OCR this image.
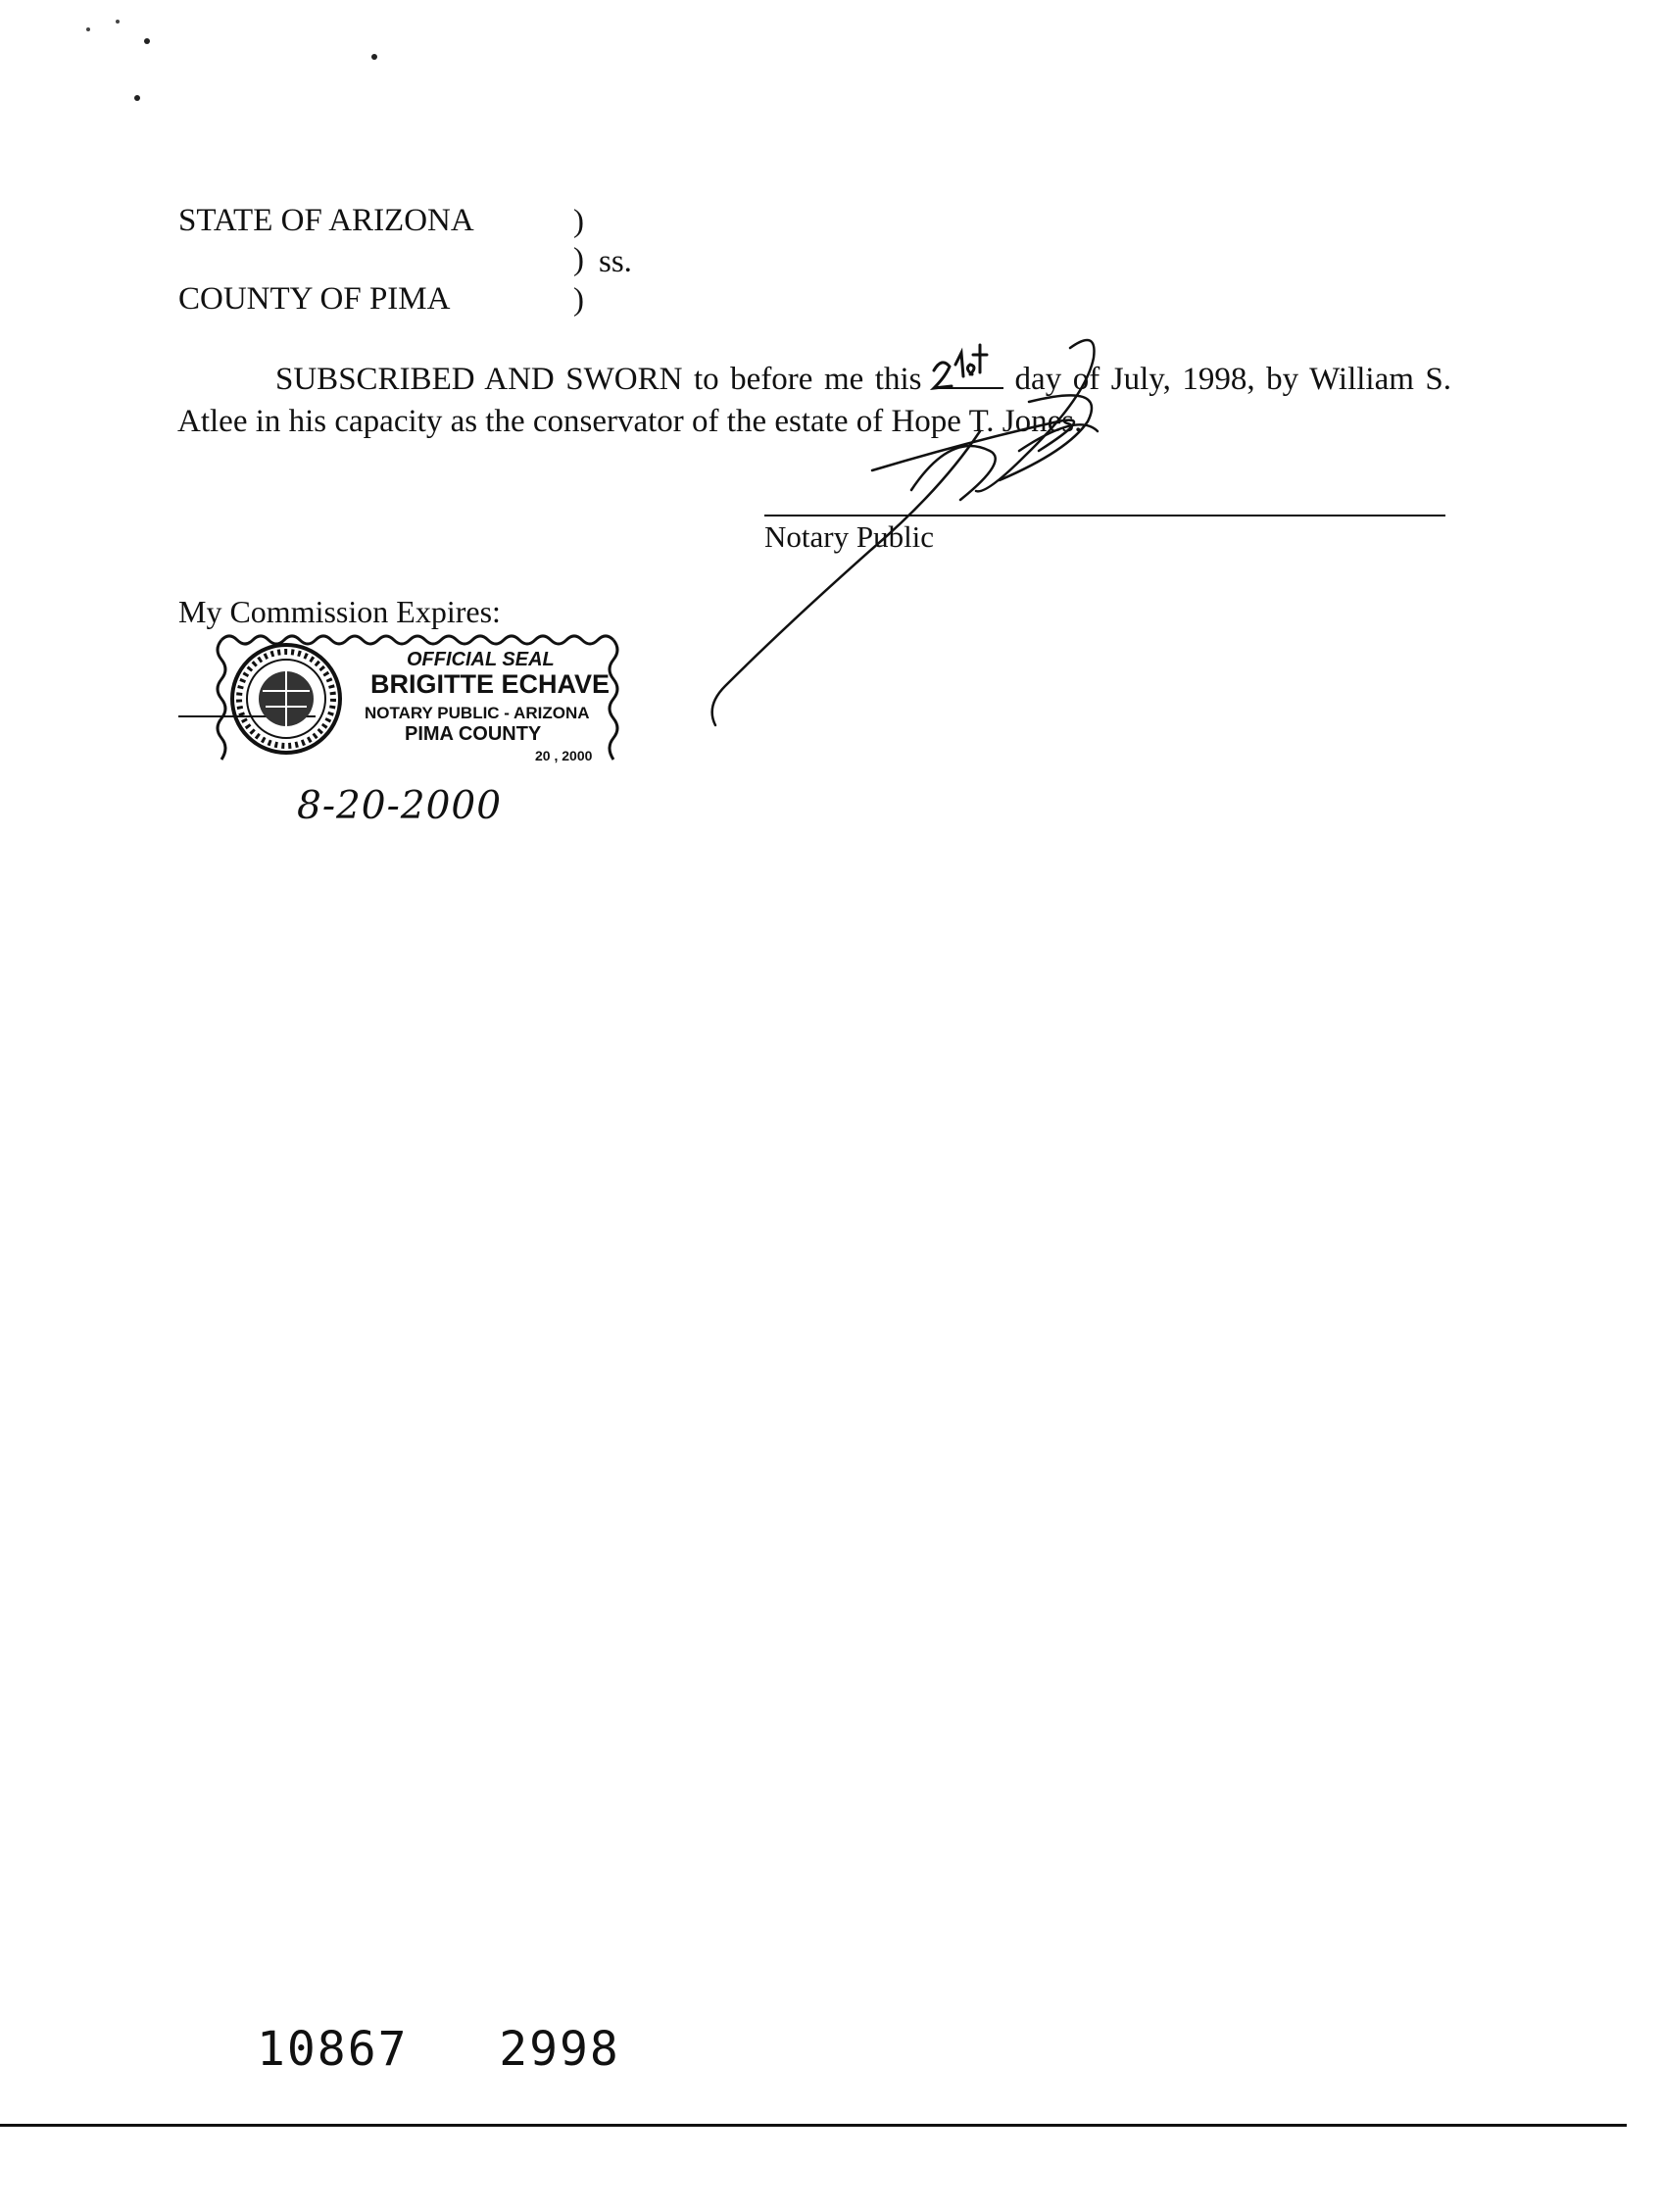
STATE OF ARIZONA	)
) ss.
COUNTY OF PIMA	)
SUBSCRIBED AND SWORN to before me this	day of July, 1998, by William S. Atlee in his capacity as the conservator of the estate of Hope T. Jones.
Notary Public
My Commission Expires:
OFFICIAL SEAL
BRIGITTE ECHAVE
NOTARY PUBLIC - ARIZONA
PIMA COUNTY
20 , 2000
8-20-2000
10867   2998
